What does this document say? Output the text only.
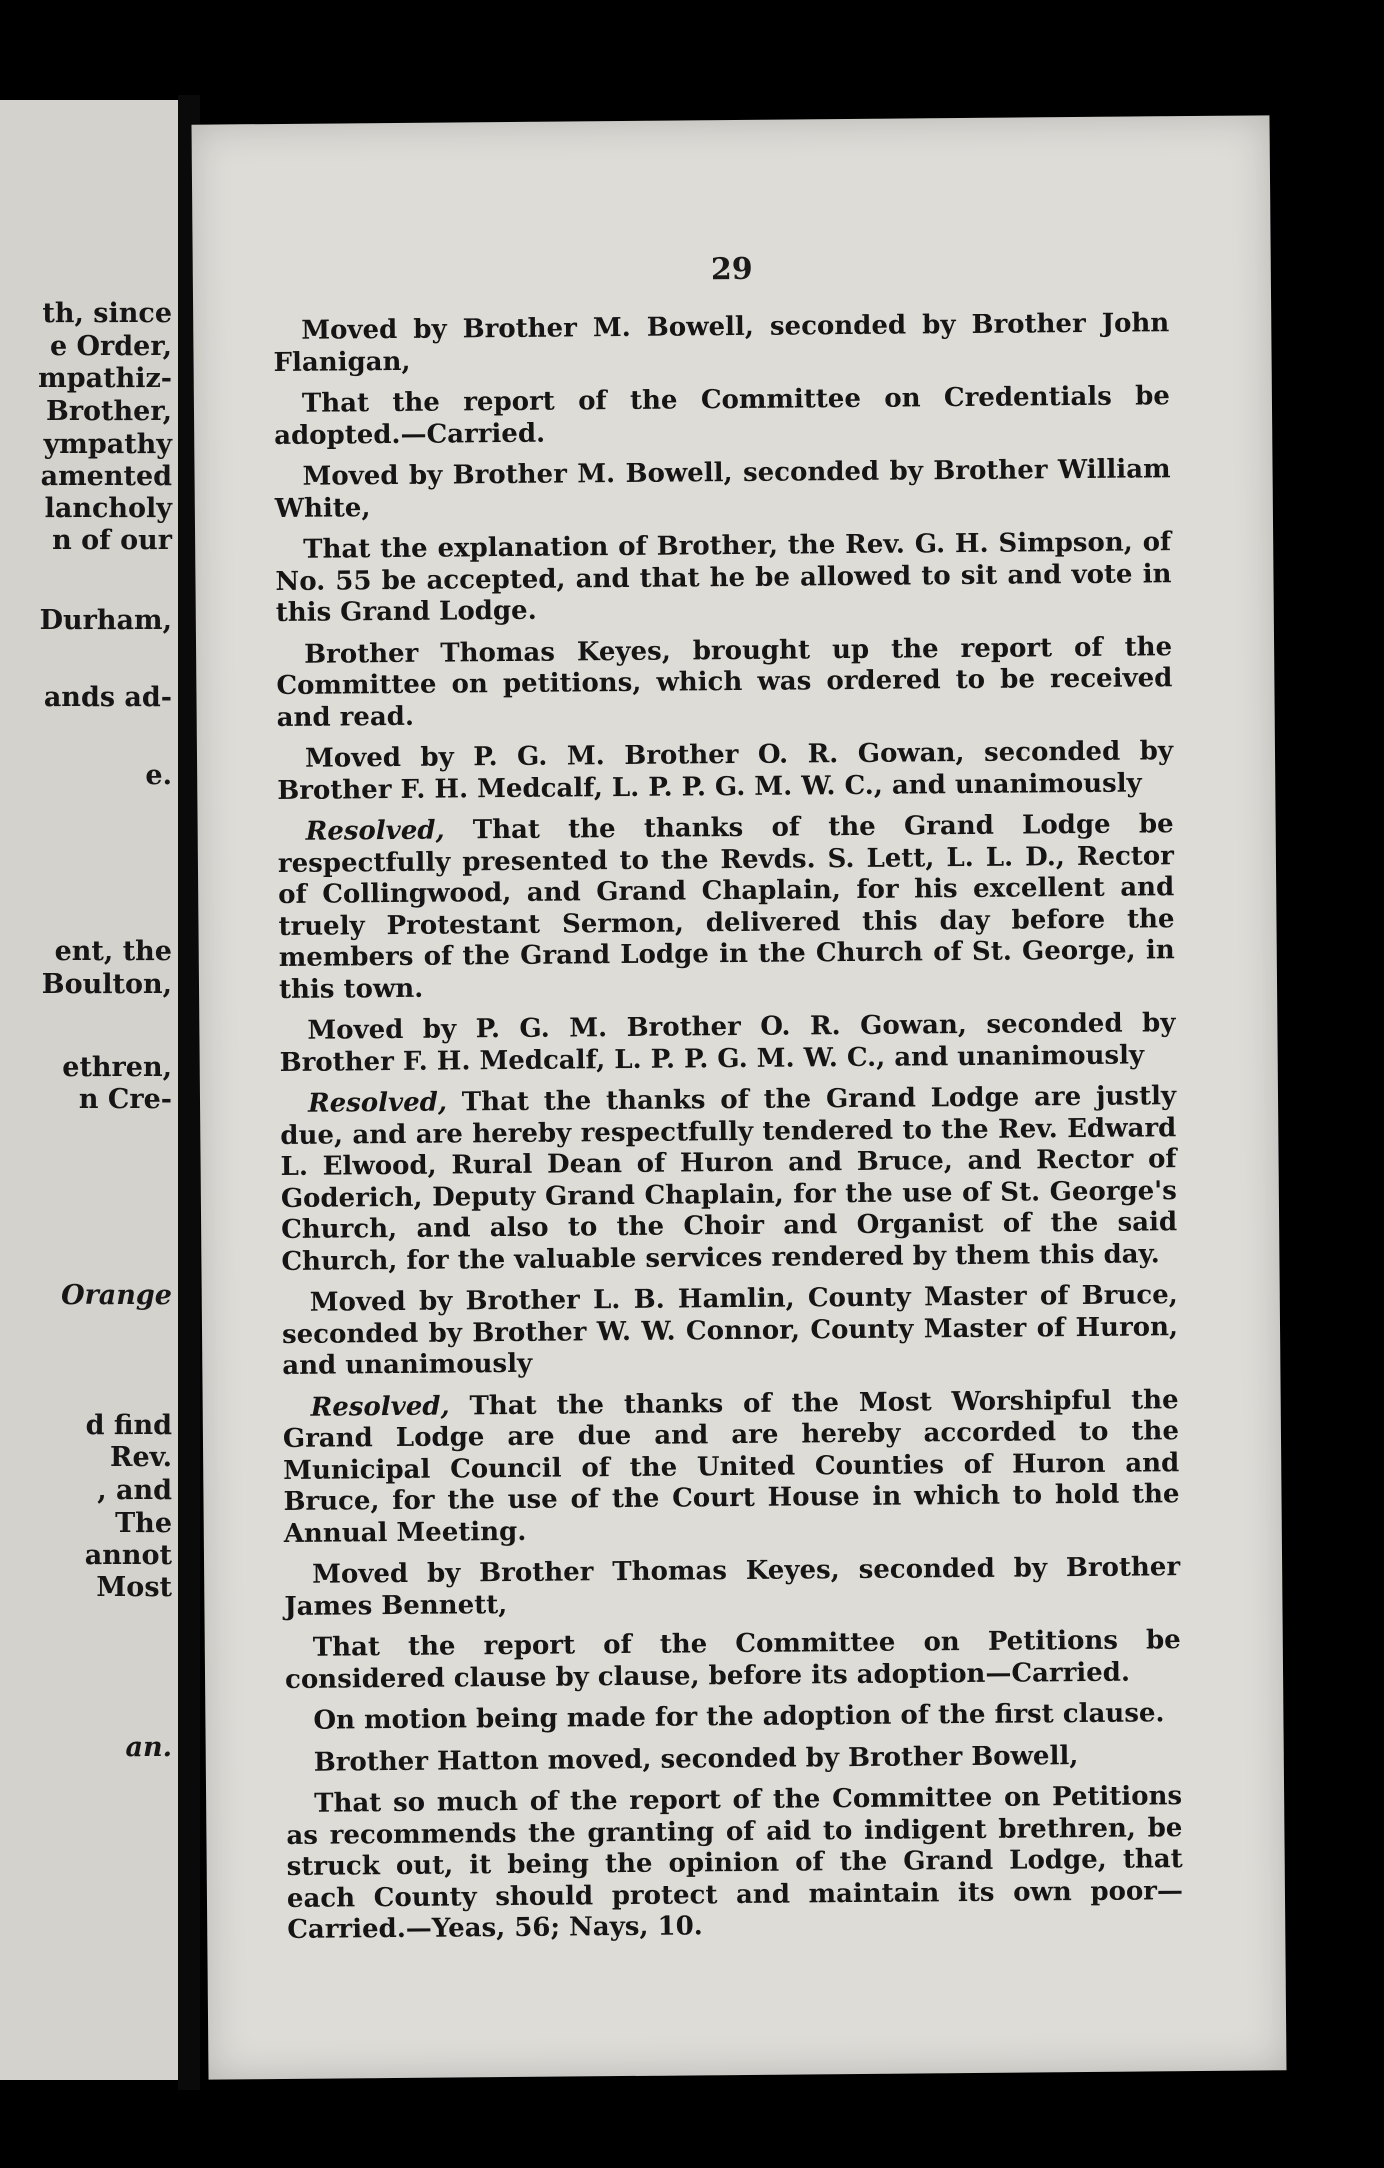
th, since
e Order,
mpathiz-
Brother,
ympathy
amented
lancholy
n of our
Durham,
ands ad-
e.
ent, the
Boulton,
ethren,
n Cre-
Orange
d find
Rev.
, and
The
annot
Most
an.
29

Moved by Brother M. Bowell, seconded by Brother John Flanigan,

That the report of the Committee on Credentials be adopted.—Carried.

Moved by Brother M. Bowell, seconded by Brother William White,

That the explanation of Brother, the Rev. G. H. Simpson, of No. 55 be accepted, and that he be allowed to sit and vote in this Grand Lodge.

Brother Thomas Keyes, brought up the report of the Committee on petitions, which was ordered to be received and read.

Moved by P. G. M. Brother O. R. Gowan, seconded by Brother F. H. Medcalf, L. P. P. G. M. W. C., and unanimously

Resolved, That the thanks of the Grand Lodge be respectfully presented to the Revds. S. Lett, L. L. D., Rector of Collingwood, and Grand Chaplain, for his excellent and truely Protestant Sermon, delivered this day before the members of the Grand Lodge in the Church of St. George, in this town.

Moved by P. G. M. Brother O. R. Gowan, seconded by Brother F. H. Medcalf, L. P. P. G. M. W. C., and unanimously

Resolved, That the thanks of the Grand Lodge are justly due, and are hereby respectfully tendered to the Rev. Edward L. Elwood, Rural Dean of Huron and Bruce, and Rector of Goderich, Deputy Grand Chaplain, for the use of St. George's Church, and also to the Choir and Organist of the said Church, for the valuable services rendered by them this day.

Moved by Brother L. B. Hamlin, County Master of Bruce, seconded by Brother W. W. Connor, County Master of Huron, and unanimously

Resolved, That the thanks of the Most Worshipful the Grand Lodge are due and are hereby accorded to the Municipal Council of the United Counties of Huron and Bruce, for the use of the Court House in which to hold the Annual Meeting.

Moved by Brother Thomas Keyes, seconded by Brother James Bennett,

That the report of the Committee on Petitions be considered clause by clause, before its adoption—Carried.

On motion being made for the adoption of the first clause.

Brother Hatton moved, seconded by Brother Bowell,

That so much of the report of the Committee on Petitions as recommends the granting of aid to indigent brethren, be struck out, it being the opinion of the Grand Lodge, that each County should protect and maintain its own poor—Carried.—Yeas, 56; Nays, 10.
